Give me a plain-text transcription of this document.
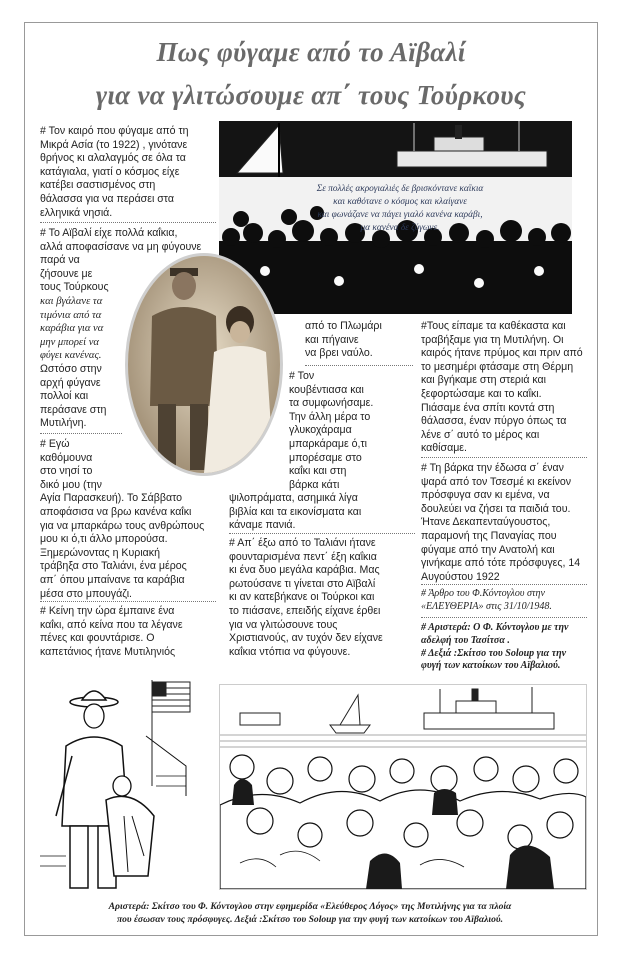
Πως φύγαμε από το Αϊβαλί
για να γλιτώσουμε απ΄ τους Τούρκους

Σε πολλές ακρογιαλιές δε βρισκόντανε καΐκια

και καθότανε ο κόσμος και κλαίγανε

και φωνάζανε να πάγει γιαλό κανένα καράβι,

μα κανένα δε ζύγωνε.

# Τον καιρό που φύγαμε από τη

Μικρά Ασία (το 1922) , γινότανε

θρήνος κι αλαλαγμός σε όλα τα

κατάγιαλα, γιατί ο κόσμος είχε

κατέβει σαστισμένος στη

θάλασσα για να περάσει στα

ελληνικά νησιά.

# Το Αϊβαλί είχε πολλά καΐκια,

αλλά αποφασίσανε να μη φύγουνε

παρά να

ζήσουνε με

τους Τούρκους

και βγάλανε τα

τιμόνια από τα

καράβια για να

μην μπορεί να

φύγει κανένας.

Ωστόσο στην

αρχή φύγανε

πολλοί και

περάσανε στη

Μυτιλήνη.

# Εγώ

καθόμουνα

στο νησί το

δικό μου (την

Αγία Παρασκευή). Το Σάββατο

αποφάσισα να βρω κανένα καΐκι

για να μπαρκάρω τους ανθρώπους

μου κι ό,τι άλλο μπορούσα.

Ξημερώνοντας η Κυριακή

τράβηξα στο Ταλιάνι, ένα μέρος

απ΄ όπου μπαίνανε τα καράβια

μέσα στο μπουγάζι.

# Κείνη την ώρα έμπαινε ένα

καΐκι, από κείνα που τα λέγανε

πένες και φουντάρισε. Ο

καπετάνιος ήτανε Μυτιληνιός

από το Πλωμάρι

και πήγαινε

να βρει ναύλο.

# Τον

κουβέντιασα και

τα συμφωνήσαμε.

Την άλλη μέρα το

γλυκοχάραμα

μπαρκάραμε ό,τι

μπορέσαμε στο

καΐκι και στη

βάρκα κάτι

ψιλοπράματα, ασημικά λίγα

βιβλία και τα εικονίσματα και

κάναμε πανιά.

# Απ΄ έξω από το Ταλιάνι ήτανε

φουνταρισμένα πεντ΄ έξη καΐκια

κι ένα δυο μεγάλα καράβια. Μας

ρωτούσανε τι γίνεται στο Αϊβαλί

κι αν κατεβήκανε οι Τούρκοι και

το πιάσανε, επειδής είχανε έρθει

για να γλιτώσουνε τους

Χριστιανούς, αν τυχόν δεν είχανε

καΐκια ντόπια να φύγουνε.

#Τους είπαμε τα καθέκαστα και

τραβήξαμε για τη Μυτιλήνη. Οι

καιρός ήτανε πρύμος και πριν από

το μεσημέρι φτάσαμε στη Θέρμη

και βγήκαμε στη στεριά και

ξεφορτώσαμε και το καΐκι.

Πιάσαμε ένα σπίτι κοντά στη

θάλασσα, έναν πύργο όπως τα

λένε σ΄ αυτό το μέρος και

καθίσαμε.

# Τη βάρκα την έδωσα σ΄ έναν

ψαρά από τον Τσεσμέ κι εκείνον

πρόσφυγα σαν κι εμένα, να

δουλεύει να ζήσει τα παιδιά του.

Ήτανε Δεκαπενταύγουστος,

παραμονή της Παναγίας που

φύγαμε από την Ανατολή και

γινήκαμε από τότε πρόσφυγες, 14

Αυγούστου 1922

# Άρθρο του Φ.Κόντογλου στην

«ΕΛΕΥΘΕΡΙΑ» στις 31/10/1948.

# Αριστερά: Ο Φ. Κόντογλου με την

αδελφή του Τασίτσα .

# Δεξιά :Σκίτσο του Soloup για την

φυγή των κατοίκων του Αϊβαλιού.

Αριστερά: Σκίτσο του Φ. Κόντογλου στην εφημερίδα «Ελεύθερος Λόγος» της Μυτιλήνης για τα πλοία
που έσωσαν τους πρόσφυγες. Δεξιά :Σκίτσο του Soloup για την φυγή των κατοίκων του Αϊβαλιού.
